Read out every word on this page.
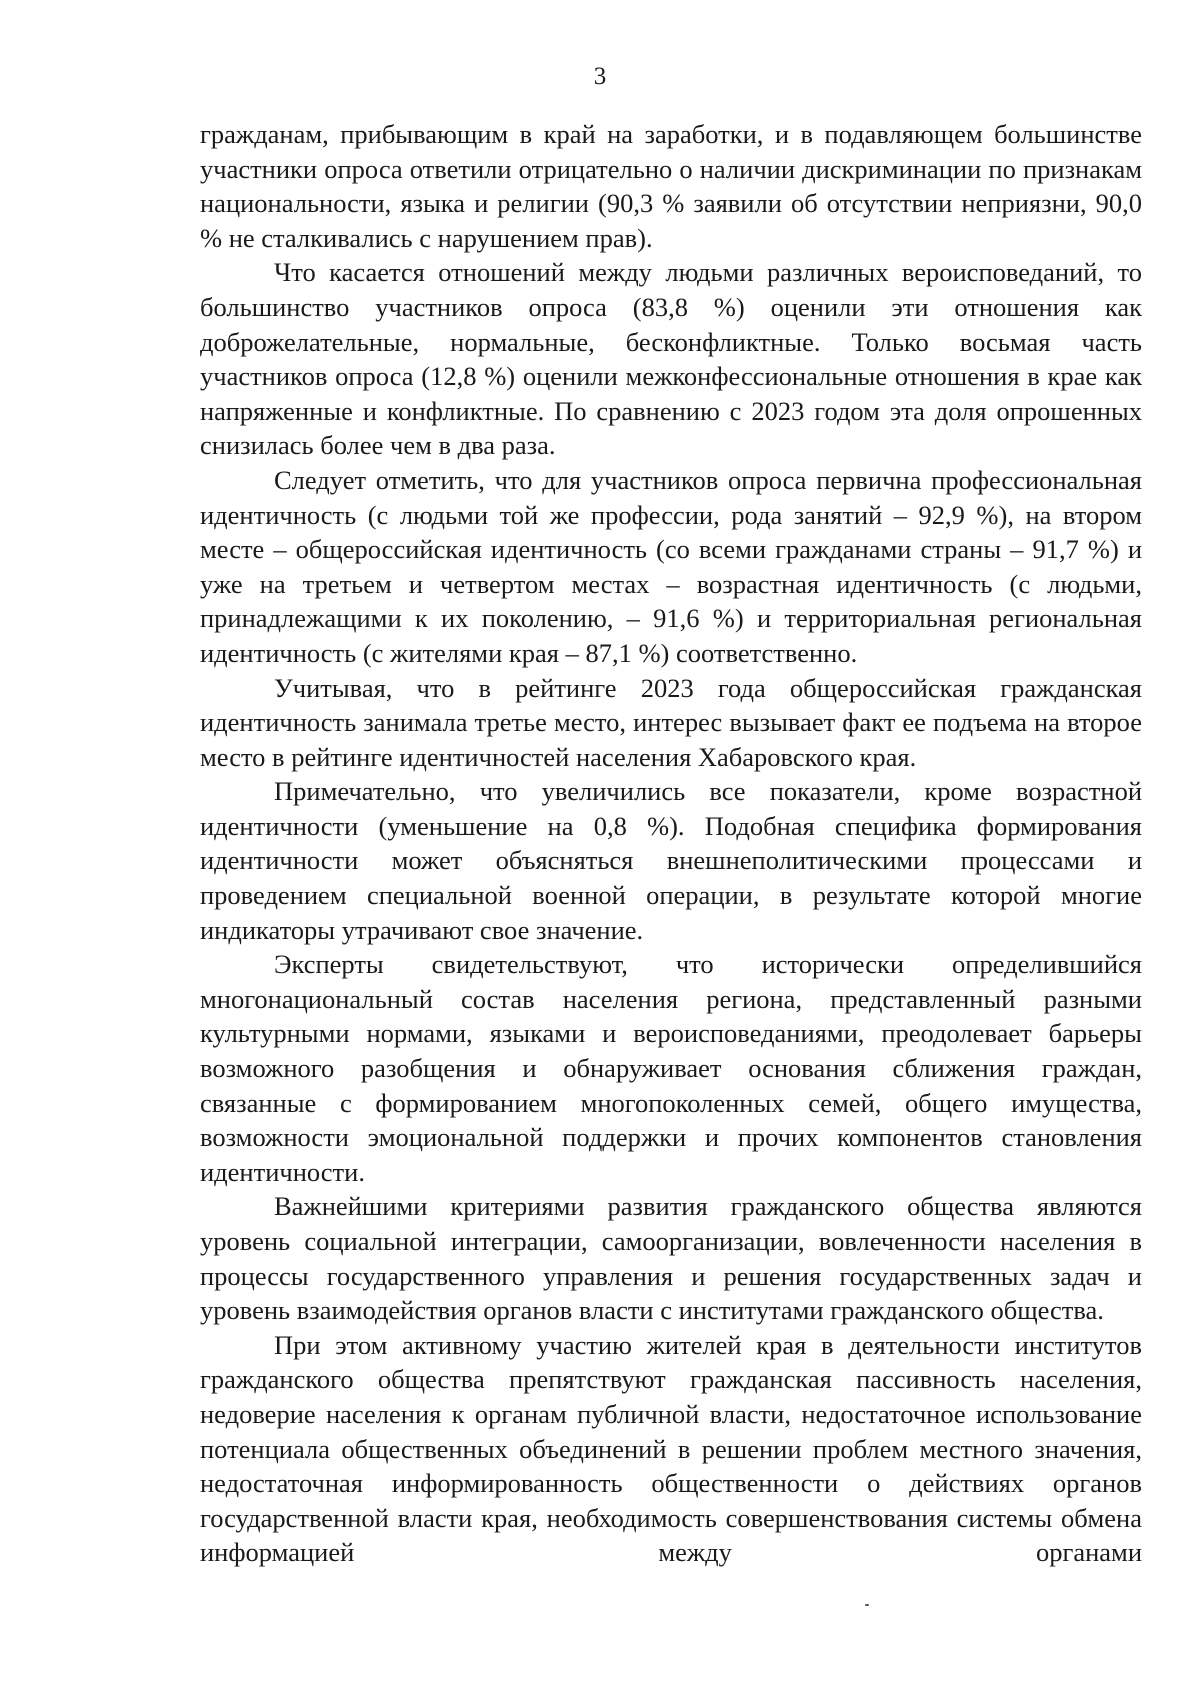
3

гражданам, прибывающим в край на заработки, и в подавляющем большинстве участники опроса ответили отрицательно о наличии дискриминации по признакам национальности, языка и религии (90,3 % заявили об отсутствии неприязни, 90,0 % не сталкивались с нарушением прав).

Что касается отношений между людьми различных вероисповеданий, то большинство участников опроса (83,8 %) оценили эти отношения как доброжелательные, нормальные, бесконфликтные. Только восьмая часть участников опроса (12,8 %) оценили межконфессиональные отношения в крае как напряженные и конфликтные. По сравнению с 2023 годом эта доля опрошенных снизилась более чем в два раза.

Следует отметить, что для участников опроса первична профессиональная идентичность (с людьми той же профессии, рода занятий – 92,9 %), на втором месте – общероссийская идентичность (со всеми гражданами страны – 91,7 %) и уже на третьем и четвертом местах – возрастная идентичность (с людьми, принадлежащими к их поколению, – 91,6 %) и территориальная региональная идентичность (с жителями края – 87,1 %) соответственно.

Учитывая, что в рейтинге 2023 года общероссийская гражданская идентичность занимала третье место, интерес вызывает факт ее подъема на второе место в рейтинге идентичностей населения Хабаровского края.

Примечательно, что увеличились все показатели, кроме возрастной идентичности (уменьшение на 0,8 %). Подобная специфика формирования идентичности может объясняться внешнеполитическими процессами и проведением специальной военной операции, в результате которой многие индикаторы утрачивают свое значение.

Эксперты свидетельствуют, что исторически определившийся многонациональный состав населения региона, представленный разными культурными нормами, языками и вероисповеданиями, преодолевает барьеры возможного разобщения и обнаруживает основания сближения граждан, связанные с формированием многопоколенных семей, общего имущества, возможности эмоциональной поддержки и прочих компонентов становления идентичности.

Важнейшими критериями развития гражданского общества являются уровень социальной интеграции, самоорганизации, вовлеченности населения в процессы государственного управления и решения государственных задач и уровень взаимодействия органов власти с институтами гражданского общества.

При этом активному участию жителей края в деятельности институтов гражданского общества препятствуют гражданская пассивность населения, недоверие населения к органам публичной власти, недостаточное использование потенциала общественных объединений в решении проблем местного значения, недостаточная информированность общественности о действиях органов государственной власти края, необходимость совершенствования системы обмена информацией между органами
